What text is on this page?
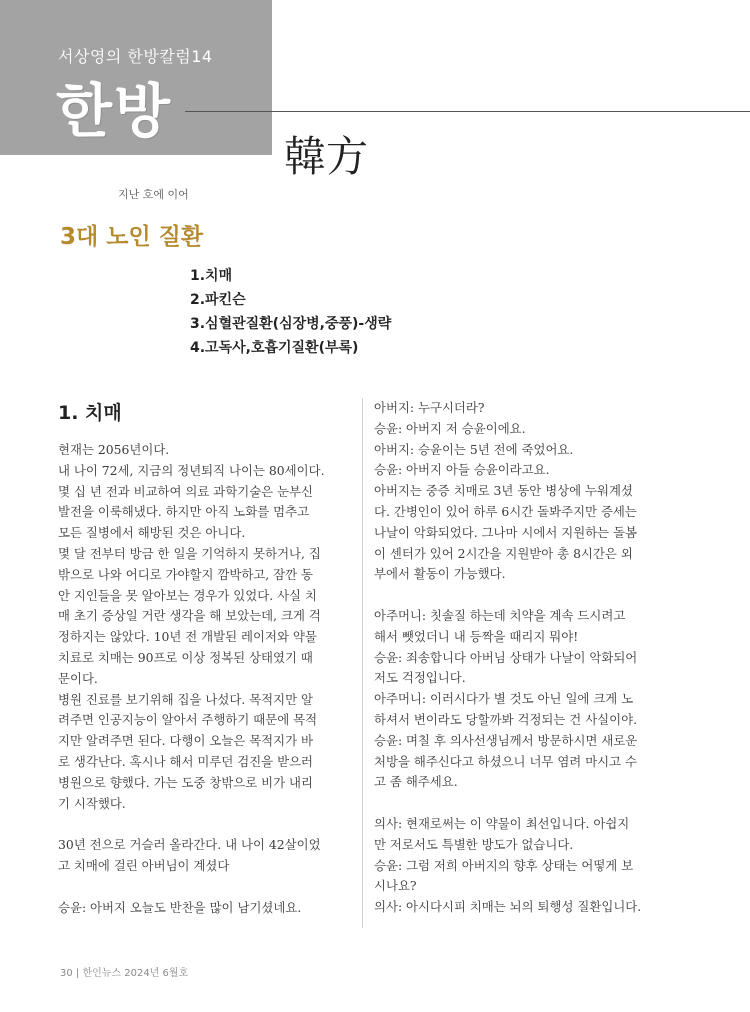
서상영의 한방칼럼14
한방
韓方
지난 호에 이어
3대 노인 질환
1.치매
2.파킨슨
3.심혈관질환(심장병,중풍)-생략
4.고독사,호흡기질환(부록)
1. 치매

현재는 2056년이다.

내 나이 72세, 지금의 정년퇴직 나이는 80세이다.

몇 십 년 전과 비교하여 의료 과학기술은 눈부신

발전을 이룩해냈다. 하지만 아직 노화를 멈추고

모든 질병에서 해방된 것은 아니다.

몇 달 전부터 방금 한 일을 기억하지 못하거나, 집

밖으로 나와 어디로 가야할지 깜박하고, 잠깐 동

안 지인들을 못 알아보는 경우가 있었다. 사실 치

매 초기 증상일 거란 생각을 해 보았는데, 크게 걱

정하지는 않았다. 10년 전 개발된 레이저와 약물

치료로 치매는 90프로 이상 정복된 상태였기 때

문이다.

병원 진료를 보기위해 집을 나섰다. 목적지만 알

려주면 인공지능이 알아서 주행하기 때문에 목적

지만 알려주면 된다. 다행이 오늘은 목적지가 바

로 생각난다. 혹시나 해서 미루던 검진을 받으러

병원으로 향했다. 가는 도중 창밖으로 비가 내리

기 시작했다.

30년 전으로 거슬러 올라간다. 내 나이 42살이었

고 치매에 걸린 아버님이 계셨다

승윤: 아버지 오늘도 반찬을 많이 남기셨네요.

아버지: 누구시더라?

승윤: 아버지 저 승윤이에요.

아버지: 승윤이는 5년 전에 죽었어요.

승윤: 아버지 아들 승윤이라고요.

아버지는 중증 치매로 3년 동안 병상에 누워계셨

다. 간병인이 있어 하루 6시간 돌봐주지만 증세는

나날이 악화되었다. 그나마 시에서 지원하는 돌봄

이 센터가 있어 2시간을 지원받아 총 8시간은 외

부에서 활동이 가능했다.

아주머니: 칫솔질 하는데 치약을 계속 드시려고

해서 뺏었더니 내 등짝을 때리지 뭐야!

승윤: 죄송합니다 아버님 상태가 나날이 악화되어

저도 걱정입니다.

아주머니: 이러시다가 별 것도 아닌 일에 크게 노

하셔서 변이라도 당할까봐 걱정되는 건 사실이야.

승윤: 며칠 후 의사선생님께서 방문하시면 새로운

처방을 해주신다고 하셨으니 너무 염려 마시고 수

고 좀 해주세요.

의사: 현재로써는 이 약물이 최선입니다. 아쉽지

만 저로서도 특별한 방도가 없습니다.

승윤: 그럼 저희 아버지의 향후 상태는 어떻게 보

시나요?

의사: 아시다시피 치매는 뇌의 퇴행성 질환입니다.

30 | 한인뉴스 2024년 6월호
